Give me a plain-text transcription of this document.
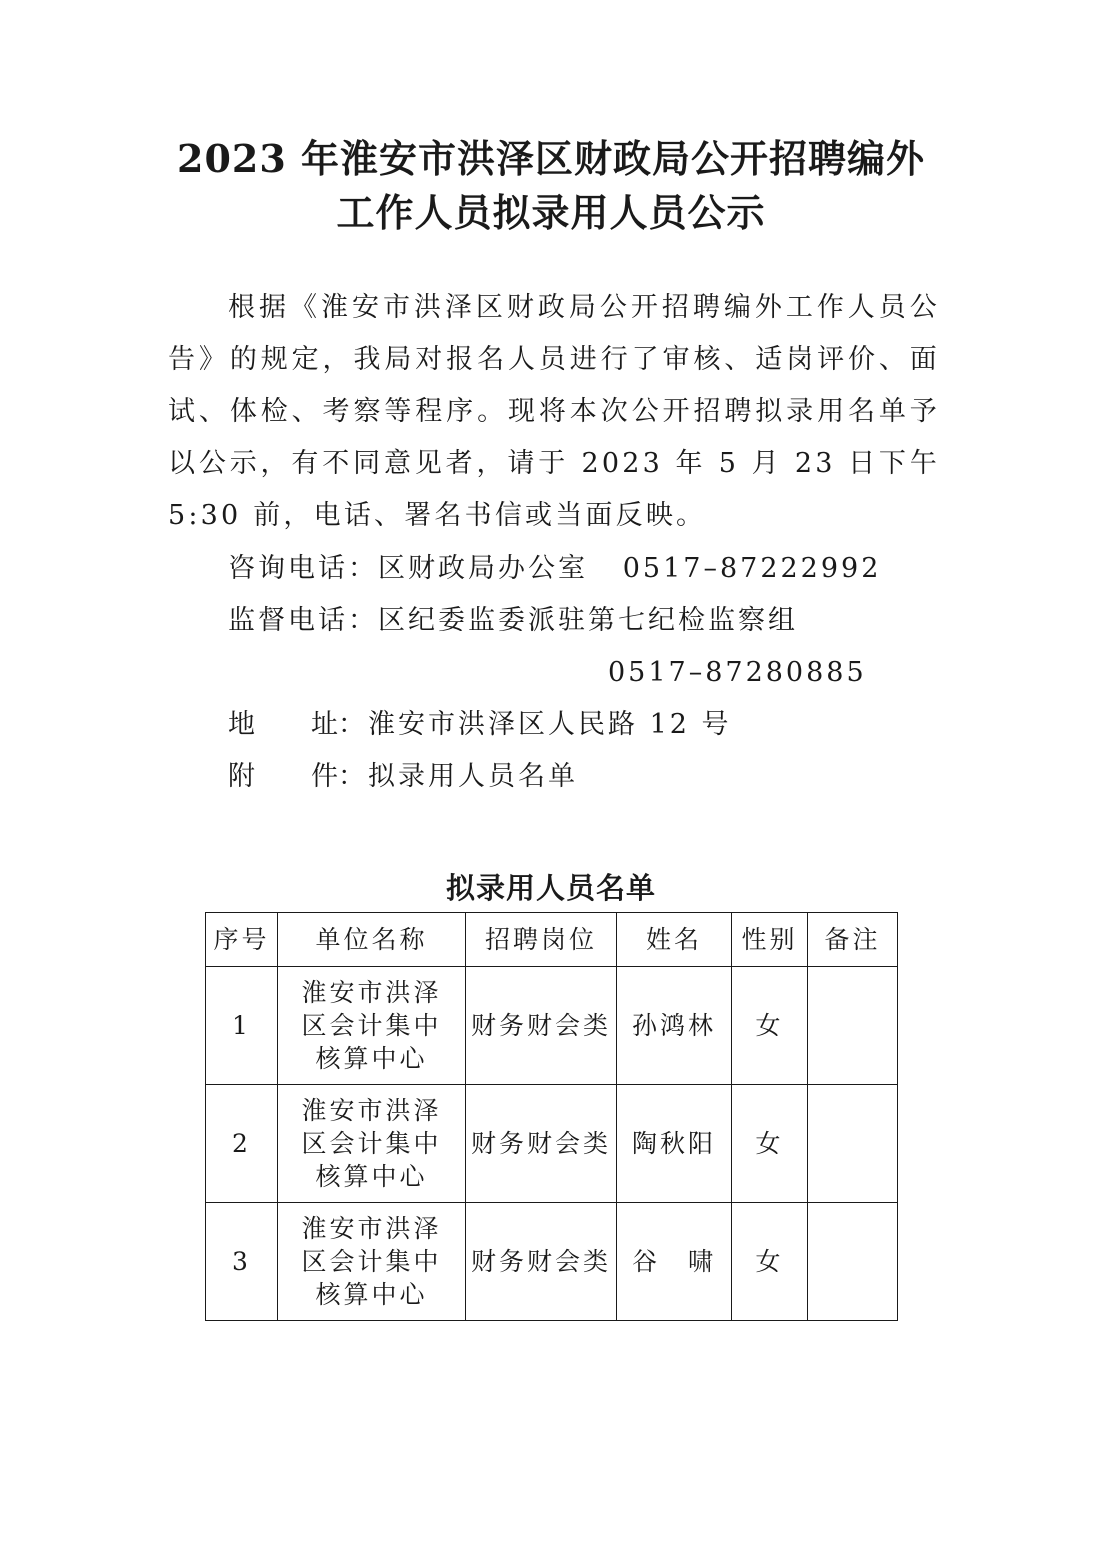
2023 年淮安市洪泽区财政局公开招聘编外
工作人员拟录用人员公示

根据《淮安市洪泽区财政局公开招聘编外工作人员公告》的规定，我局对报名人员进行了审核、适岗评价、面试、体检、考察等程序。现将本次公开招聘拟录用名单予以公示，有不同意见者，请于 2023 年 5 月 23 日下午 5:30 前，电话、署名书信或当面反映。

咨询电话：区财政局办公室   0517–87222992
监督电话：区纪委监委派驻第七纪检监察组
0517–87280885
地 址： 淮安市洪泽区人民路 12 号
附 件： 拟录用人员名单
拟录用人员名单
序号	单位名称	招聘岗位	姓名	性别	备注
1	淮安市洪泽区会计集中核算中心	财务财会类	孙鸿林	女	
2	淮安市洪泽区会计集中核算中心	财务财会类	陶秋阳	女	
3	淮安市洪泽区会计集中核算中心	财务财会类	谷　啸	女	
